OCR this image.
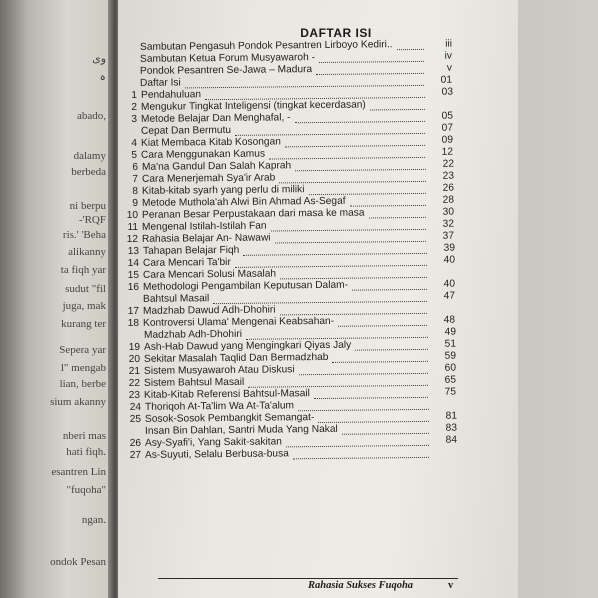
وی
ہ
abado,
dalamy
berbeda
ni berpu
-'RQF
ris.' 'Beha
alikanny
ta fiqh yar
sudut "fil
juga, mak
kurang ter
Sepera yar
l" mengab
lian, berbe
sium akanny
nberi mas
hati fiqh.
esantren Lin
"fuqoha"
ngan.
ondok Pesan
DAFTAR ISI
Sambutan Pengasuh Pondok Pesantren Lirboyo Kediri..	iii
Sambutan Ketua Forum Musyawaroh -	iv
Pondok Pesantren Se-Jawa – Madura	v
Daftar Isi	01
1 Pendahuluan	03
2 Mengukur Tingkat Inteligensi (tingkat kecerdasan)
3 Metode Belajar Dan Menghafal, -	05
Cepat Dan Bermutu	07
4 Kiat Membaca Kitab Kosongan	09
5 Cara Menggunakan Kamus	12
6 Ma'na Gandul Dan Salah Kaprah	22
7 Cara Menerjemah Sya'ir Arab	23
8 Kitab-kitab syarh yang perlu di miliki	26
9 Metode Muthola'ah Alwi Bin Ahmad As-Segaf	28
10 Peranan Besar Perpustakaan dari masa ke masa	30
11 Mengenal Istilah-Istilah Fan	32
12 Rahasia Belajar An- Nawawi	37
13 Tahapan Belajar Fiqh	39
14 Cara Mencari Ta'bir	40
15 Cara Mencari Solusi Masalah
16 Methodologi Pengambilan Keputusan Dalam-	40
Bahtsul Masail	47
17 Madzhab Dawud Adh-Dhohiri
18 Kontroversi Ulama' Mengenai Keabsahan-	48
Madzhab Adh-Dhohiri	49
19 Ash-Hab Dawud yang Mengingkari Qiyas Jaly	51
20 Sekitar Masalah Taqlid Dan Bermadzhab	59
21 Sistem Musyawaroh Atau Diskusi	60
22 Sistem Bahtsul Masail	65
23 Kitab-Kitab Referensi Bahtsul-Masail	75
24 Thoriqoh At-Ta'lim Wa At-Ta'alum
25 Sosok-Sosok Pembangkit Semangat-	81
Insan Bin Dahlan, Santri Muda Yang Nakal	83
26 Asy-Syafi'i, Yang Sakit-sakitan	84
27 As-Suyuti, Selalu Berbusa-busa
Rahasia Sukses Fuqoha	v
